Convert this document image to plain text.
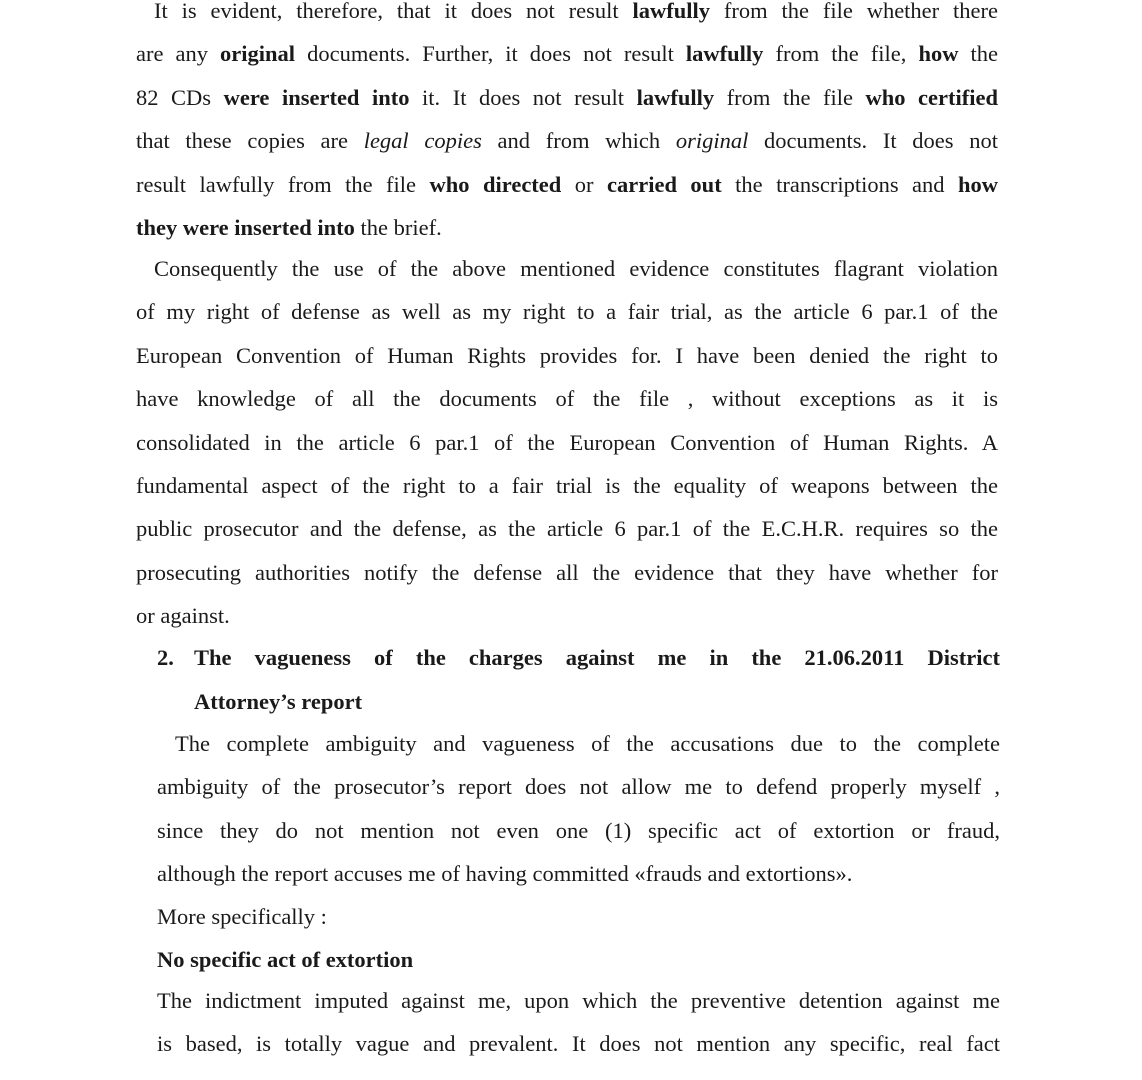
It is evident, therefore, that it does not result lawfully from the file whether there
are any original documents. Further, it does not result lawfully from the file, how the
82 CDs were inserted into it. It does not result lawfully from the file who certified
that these copies are legal copies and from which original documents. It does not
result lawfully from the file who directed or carried out the transcriptions and how
they were inserted into the brief.
Consequently the use of the above mentioned evidence constitutes flagrant violation
of my right of defense as well as my right to a fair trial, as the article 6 par.1 of the
European Convention of Human Rights provides for. I have been denied the right to
have knowledge of all the documents of the file , without exceptions as it is
consolidated in the article 6 par.1 of the European Convention of Human Rights. A
fundamental aspect of the right to a fair trial is the equality of weapons between the
public prosecutor and the defense, as the article 6 par.1 of the E.C.H.R. requires so the
prosecuting authorities notify the defense all the evidence that they have whether for
or against.
2. The vagueness of the charges against me in the 21.06.2011 District
Attorney’s report
The complete ambiguity and vagueness of the accusations due to the complete
ambiguity of the prosecutor’s report does not allow me to defend properly myself ,
since they do not mention not even one (1) specific act of extortion or fraud,
although the report accuses me of having committed «frauds and extortions».
More specifically :
No specific act of extortion
The indictment imputed against me, upon which the preventive detention against me
is based, is totally vague and prevalent. It does not mention any specific, real fact
